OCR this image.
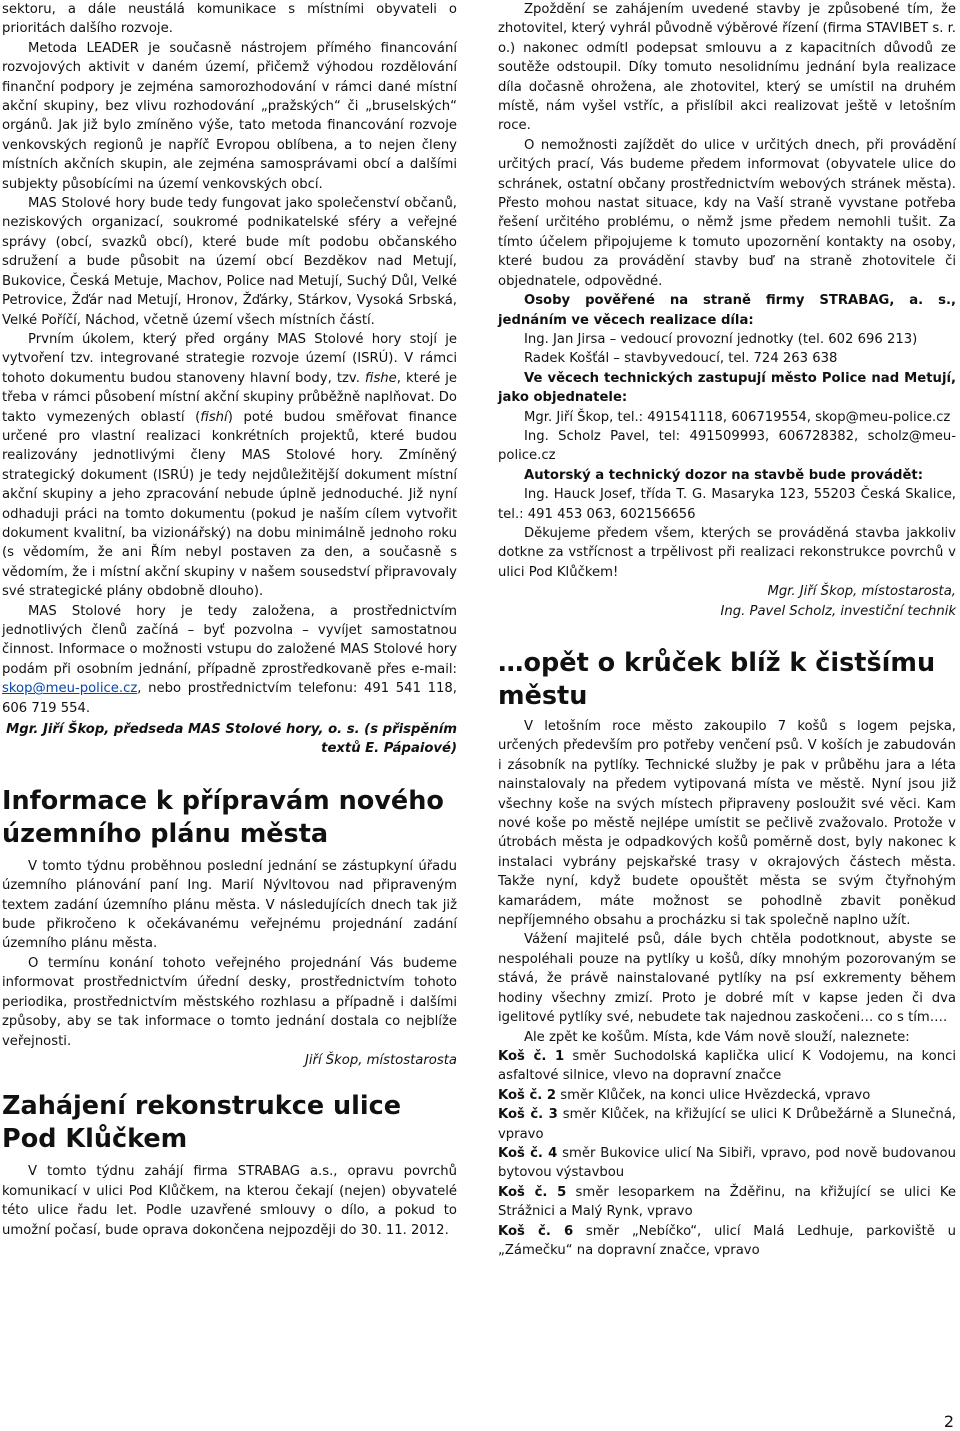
sektoru, a dále neustálá komunikace s místními obyvateli o prioritách dalšího rozvoje.

Metoda LEADER je současně nástrojem přímého financování rozvojových aktivit v daném území, přičemž výhodou rozdělování finanční podpory je zejména samorozhodování v rámci dané místní akční skupiny, bez vlivu rozhodování „pražských“ či „bruselských“ orgánů. Jak již bylo zmíněno výše, tato metoda financování rozvoje venkovských regionů je napříč Evropou oblíbena, a to nejen členy místních akčních skupin, ale zejména samosprávami obcí a dalšími subjekty působícími na území venkovských obcí.

MAS Stolové hory bude tedy fungovat jako společenství občanů, neziskových organizací, soukromé podnikatelské sféry a veřejné správy (obcí, svazků obcí), které bude mít podobu občanského sdružení a bude působit na území obcí Bezděkov nad Metují, Bukovice, Česká Metuje, Machov, Police nad Metují, Suchý Důl, Velké Petrovice, Žďár nad Metují, Hronov, Žďárky, Stárkov, Vysoká Srbská, Velké Poříčí, Náchod, včetně území všech místních částí.

Prvním úkolem, který před orgány MAS Stolové hory stojí je vytvoření tzv. integrované strategie rozvoje území (ISRÚ). V rámci tohoto dokumentu budou stanoveny hlavní body, tzv. fishe, které je třeba v rámci působení místní akční skupiny průběžně naplňovat. Do takto vymezených oblastí (fishí) poté budou směřovat finance určené pro vlastní realizaci konkrétních projektů, které budou realizovány jednotlivými členy MAS Stolové hory. Zmíněný strategický dokument (ISRÚ) je tedy nejdůležitější dokument místní akční skupiny a jeho zpracování nebude úplně jednoduché. Již nyní odhaduji práci na tomto dokumentu (pokud je naším cílem vytvořit dokument kvalitní, ba vizionářský) na dobu minimálně jednoho roku (s vědomím, že ani Řím nebyl postaven za den, a současně s vědomím, že i místní akční skupiny v našem sousedství připravovaly své strategické plány obdobně dlouho).

MAS Stolové hory je tedy založena, a prostřednictvím jednotlivých členů začíná – byť pozvolna – vyvíjet samostatnou činnost. Informace o možnosti vstupu do založené MAS Stolové hory podám při osobním jednání, případně zprostředkovaně přes e-mail: skop@meu-police.cz, nebo prostřednictvím telefonu: 491 541 118, 606 719 554.

Mgr. Jiří Škop, předseda MAS Stolové hory, o. s. (s přispěním textů E. Pápaiové)

Informace k přípravám nového územního plánu města

V tomto týdnu proběhnou poslední jednání se zástupkyní úřadu územního plánování paní Ing. Marií Nývltovou nad připraveným textem zadání územního plánu města. V následujících dnech tak již bude přikročeno k očekávanému veřejnému projednání zadání územního plánu města.

O termínu konání tohoto veřejného projednání Vás budeme informovat prostřednictvím úřední desky, prostřednictvím tohoto periodika, prostřednictvím městského rozhlasu a případně i dalšími způsoby, aby se tak informace o tomto jednání dostala co nejblíže veřejnosti.

Jiří Škop, místostarosta

Zahájení rekonstrukce ulice Pod Klůčkem

V tomto týdnu zahájí firma STRABAG a.s., opravu povrchů komunikací v ulici Pod Klůčkem, na kterou čekají (nejen) obyvatelé této ulice řadu let. Podle uzavřené smlouvy o dílo, a pokud to umožní počasí, bude oprava dokončena nejpozději do 30. 11. 2012.

Zpoždění se zahájením uvedené stavby je způsobené tím, že zhotovitel, který vyhrál původně výběrové řízení (firma STAVIBET s. r. o.) nakonec odmítl podepsat smlouvu a z kapacitních důvodů ze soutěže odstoupil. Díky tomuto nesolidnímu jednání byla realizace díla dočasně ohrožena, ale zhotovitel, který se umístil na druhém místě, nám vyšel vstříc, a přislíbil akci realizovat ještě v letošním roce.

O nemožnosti zajíždět do ulice v určitých dnech, při provádění určitých prací, Vás budeme předem informovat (obyvatele ulice do schránek, ostatní občany prostřednictvím webových stránek města). Přesto mohou nastat situace, kdy na Vaší straně vyvstane potřeba řešení určitého problému, o němž jsme předem nemohli tušit. Za tímto účelem připojujeme k tomuto upozornění kontakty na osoby, které budou za provádění stavby buď na straně zhotovitele či objednatele, odpovědné.

Osoby pověřené na straně firmy STRABAG, a. s., jednáním ve věcech realizace díla:

Ing. Jan Jirsa – vedoucí provozní jednotky (tel. 602 696 213)

Radek Košťál – stavbyvedoucí, tel. 724 263 638

Ve věcech technických zastupují město Police nad Metují, jako objednatele:

Mgr. Jiří Škop, tel.: 491541118, 606719554, skop@meu-police.cz

Ing. Scholz Pavel, tel: 491509993, 606728382, scholz@meu-police.cz

Autorský a technický dozor na stavbě bude provádět:

Ing. Hauck Josef, třída T. G. Masaryka 123, 55203 Česká Skalice, tel.: 491 453 063, 602156656

Děkujeme předem všem, kterých se prováděná stavba jakkoliv dotkne za vstřícnost a trpělivost při realizaci rekonstrukce povrchů v ulici Pod Klůčkem!

Mgr. Jiří Škop, místostarosta,

Ing. Pavel Scholz, investiční technik

…opět o krůček blíž k čistšímu městu

V letošním roce město zakoupilo 7 košů s logem pejska, určených především pro potřeby venčení psů. V koších je zabudován i zásobník na pytlíky. Technické služby je pak v průběhu jara a léta nainstalovaly na předem vytipovaná místa ve městě. Nyní jsou již všechny koše na svých místech připraveny posloužit své věci. Kam nové koše po městě nejlépe umístit se pečlivě zvažovalo. Protože v útrobách města je odpadkových košů poměrně dost, byly nakonec k instalaci vybrány pejskařské trasy v okrajových částech města. Takže nyní, když budete opouštět města se svým čtyřnohým kamarádem, máte možnost se pohodlně zbavit poněkud nepříjemného obsahu a procházku si tak společně naplno užít.

Vážení majitelé psů, dále bych chtěla podotknout, abyste se nespoléhali pouze na pytlíky u košů, díky mnohým pozorovaným se stává, že právě nainstalované pytlíky na psí exkrementy během hodiny všechny zmizí. Proto je dobré mít v kapse jeden či dva igelitové pytlíky své, nebudete tak najednou zaskočeni… co s tím….

Ale zpět ke košům. Místa, kde Vám nově slouží, naleznete:

Koš č. 1 směr Suchodolská kaplička ulicí K Vodojemu, na konci asfaltové silnice, vlevo na dopravní značce

Koš č. 2 směr Klůček, na konci ulice Hvězdecká, vpravo

Koš č. 3 směr Klůček, na křižující se ulici K Drůbežárně a Slunečná, vpravo

Koš č. 4 směr Bukovice ulicí Na Sibiři, vpravo, pod nově budovanou bytovou výstavbou

Koš č. 5 směr lesoparkem na Žděřinu, na křižující se ulici Ke Strážnici a Malý Rynk, vpravo

Koš č. 6 směr „Nebíčko“, ulicí Malá Ledhuje, parkoviště u „Zámečku“ na dopravní značce, vpravo

2
